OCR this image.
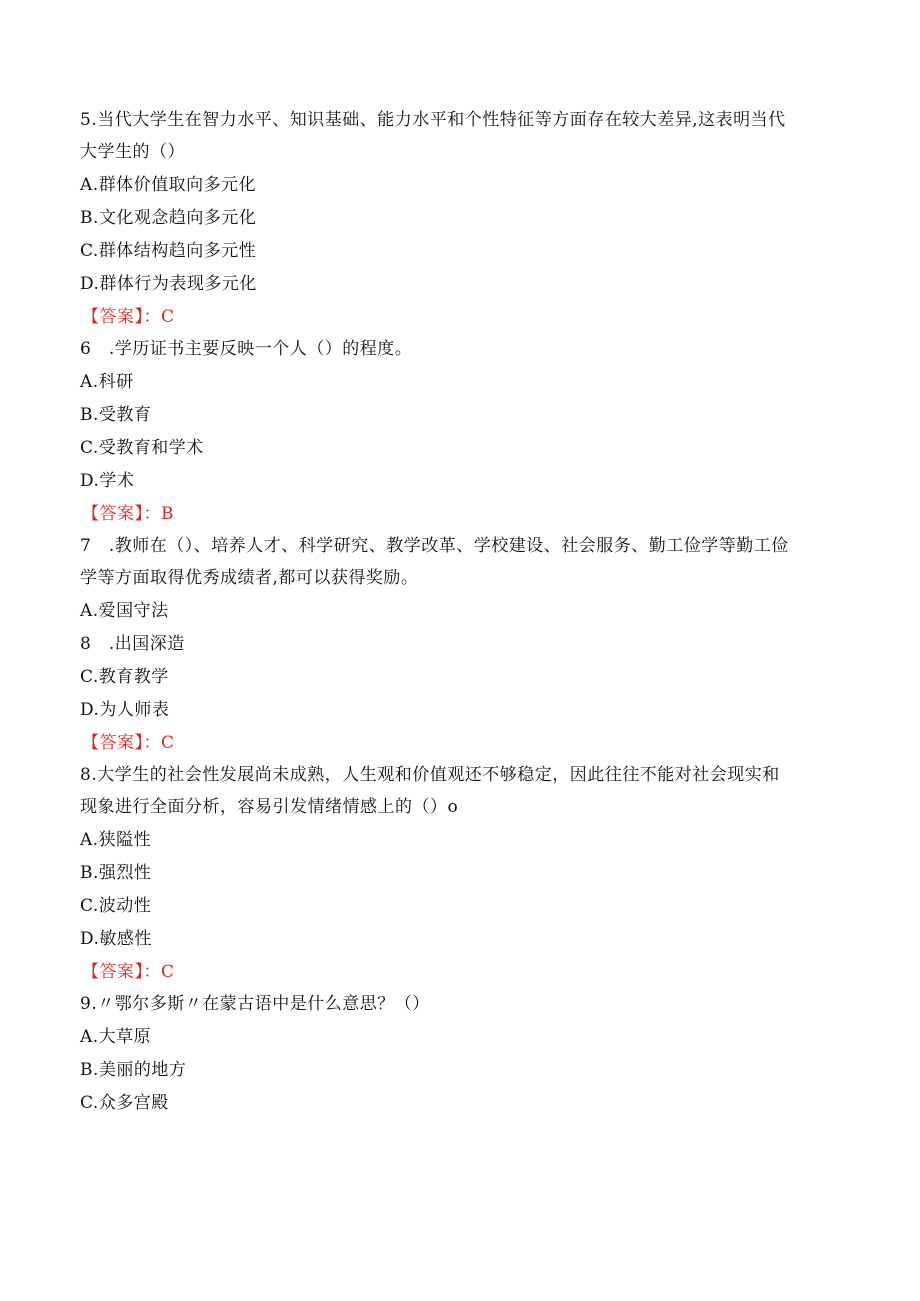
5.当代大学生在智力水平、知识基础、能力水平和个性特征等方面存在较大差异,这表明当代
大学生的（）
A.群体价值取向多元化
B.文化观念趋向多元化
C.群体结构趋向多元性
D.群体行为表现多元化
【答案】：C
6　.学历证书主要反映一个人（）的程度。
A.科研
B.受教育
C.受教育和学术
D.学术
【答案】：B
7　.教师在（）、培养人才、科学研究、教学改革、学校建设、社会服务、勤工俭学等勤工俭
学等方面取得优秀成绩者,都可以获得奖励。
A.爱国守法
8　.出国深造
C.教育教学
D.为人师表
【答案】：C
8.大学生的社会性发展尚未成熟，人生观和价值观还不够稳定，因此往往不能对社会现实和
现象进行全面分析，容易引发情绪情感上的（）o
A.狭隘性
B.强烈性
C.波动性
D.敏感性
【答案】：C
9.〃鄂尔多斯〃在蒙古语中是什么意思？（）
A.大草原
B.美丽的地方
C.众多宫殿
